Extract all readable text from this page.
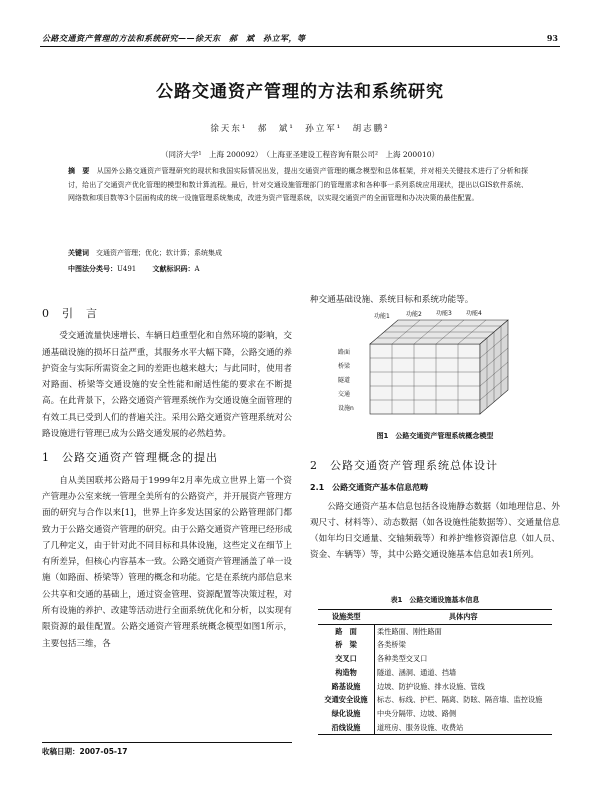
公路交通资产管理的方法和系统研究——徐天东　郝　斌　孙立军，等	93
公路交通资产管理的方法和系统研究
徐天东¹　郝　斌¹　孙立军¹　胡志鹏²
（同济大学¹　上海 200092）　（上海亚圣建设工程咨询有限公司²　上海 200010）
摘　要　 从国外公路交通资产管理研究的现状和我国实际情况出发，提出交通资产管理的概念模型和总体框架，并对相关关键技术进行了分析和探讨，给出了交通资产优化管理的模型和数计算流程。最后，针对交通设施管理部门的管理需求和各种事一系列系统应用现状，提出以GIS软件系统、网络数和项目数等3个层面构成的统一设施管理系统集成，改进为资产管理系统，以实现交通资产的全面管理和办决决策的最佳配置。
关键词　 交通资产管理；优化；软计算；系统集成
中图法分类号：U491　　 文献标识码：A
0　引　言

受交通流量快速增长、车辆日趋重型化和自然环境的影响，交通基础设施的损坏日益严重，其服务水平大幅下降，公路交通的养护资金与实际所需资金之间的差距也越来越大；与此同时，使用者对路面、桥梁等交通设施的安全性能和耐适性能的要求在不断提高。在此背景下，公路交通资产管理系统作为交通设施全面管理的有效工具已受到人们的普遍关注。采用公路交通资产管理系统对公路设施进行管理已成为公路交通发展的必然趋势。

1　公路交通资产管理概念的提出

自从美国联邦公路局于1999年2月率先成立世界上第一个资产管理办公室来统一管理全美所有的公路资产，并开展资产管理方面的研究与合作以来[1]，世界上许多发达国家的公路管理部门都致力于公路交通资产管理的研究。由于公路交通资产管理已经形成了几种定义，由于针对此不同目标和具体设施，这些定义在细节上有所差异，但核心内容基本一致。公路交通资产管理涵盖了单一设施（如路面、桥梁等）管理的概念和功能。它是在系统内部信息来公共享和交通的基础上，通过资金管理、资源配置等决策过程，对所有设施的养护、改建等活动进行全面系统优化和分析，以实现有限资源的最佳配置。公路交通资产管理系统概念模型如图1所示，主要包括三维，各

种交通基础设施、系统目标和系统功能等。
功能1	功能2 功能3 功能4
路面
桥梁
隧道
交通
设施n
图1　公路交通资产管理系统概念模型
2　公路交通资产管理系统总体设计
2.1　公路交通资产基本信息范畴

公路交通资产基本信息包括各设施静态数据（如地理信息、外观尺寸、材料等）、动态数据（如各设施性能数据等）、交通量信息（如年均日交通量、交轴频载等）和养护维修资源信息（如人员、资金、车辆等）等，其中公路交通设施基本信息如表1所列。

表1　公路交通设施基本信息
设施类型	具体内容
路　面	柔性路面、刚性路面
桥　梁	各类桥梁
交叉口	各种类型交叉口
构造物	隧道、涵洞、通道、挡墙
路基设施	边坡、防护设施、排水设施、管线
交通安全设施	标志、标线、护栏、隔离、防眩、隔音墙、监控设施
绿化设施	中央分隔带、边坡、路侧
沿线设施	道班房、服务设施、收费站
收稿日期：2007-05-17
